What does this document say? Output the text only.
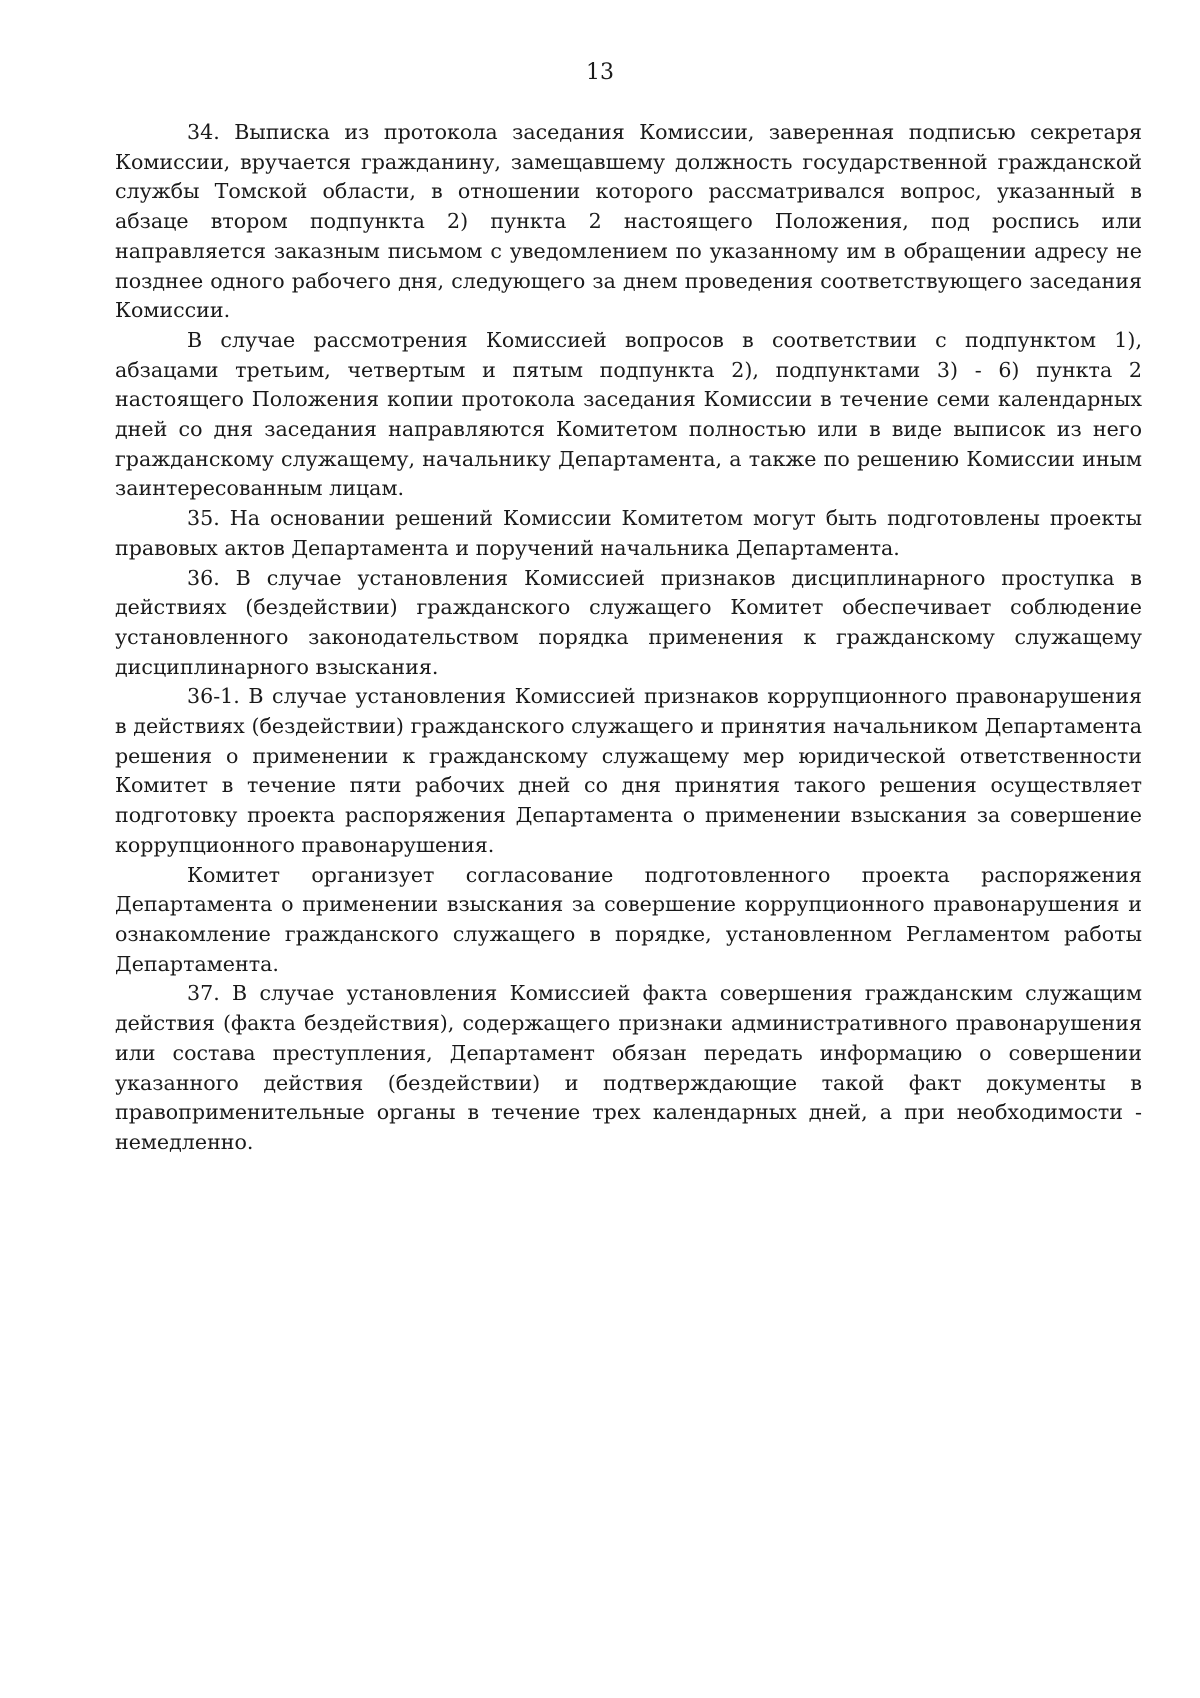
13

34. Выписка из протокола заседания Комиссии, заверенная подписью секретаря Комиссии, вручается гражданину, замещавшему должность государственной гражданской службы Томской области, в отношении которого рассматривался вопрос, указанный в абзаце втором подпункта 2) пункта 2 настоящего Положения, под роспись или направляется заказным письмом с уведомлением по указанному им в обращении адресу не позднее одного рабочего дня, следующего за днем проведения соответствующего заседания Комиссии.

В случае рассмотрения Комиссией вопросов в соответствии с подпунктом 1), абзацами третьим, четвертым и пятым подпункта 2), подпунктами 3) - 6) пункта 2 настоящего Положения копии протокола заседания Комиссии в течение семи календарных дней со дня заседания направляются Комитетом полностью или в виде выписок из него гражданскому служащему, начальнику Департамента, а также по решению Комиссии иным заинтересованным лицам.

35. На основании решений Комиссии Комитетом могут быть подготовлены проекты правовых актов Департамента и поручений начальника Департамента.

36. В случае установления Комиссией признаков дисциплинарного проступка в действиях (бездействии) гражданского служащего Комитет обеспечивает соблюдение установленного законодательством порядка применения к гражданскому служащему дисциплинарного взыскания.

36-1. В случае установления Комиссией признаков коррупционного правонарушения в действиях (бездействии) гражданского служащего и принятия начальником Департамента решения о применении к гражданскому служащему мер юридической ответственности Комитет в течение пяти рабочих дней со дня принятия такого решения осуществляет подготовку проекта распоряжения Департамента о применении взыскания за совершение коррупционного правонарушения.

Комитет организует согласование подготовленного проекта распоряжения Департамента о применении взыскания за совершение коррупционного правонарушения и ознакомление гражданского служащего в порядке, установленном Регламентом работы Департамента.

37. В случае установления Комиссией факта совершения гражданским служащим действия (факта бездействия), содержащего признаки административного правонарушения или состава преступления, Департамент обязан передать информацию о совершении указанного действия (бездействии) и подтверждающие такой факт документы в правоприменительные органы в течение трех календарных дней, а при необходимости - немедленно.
